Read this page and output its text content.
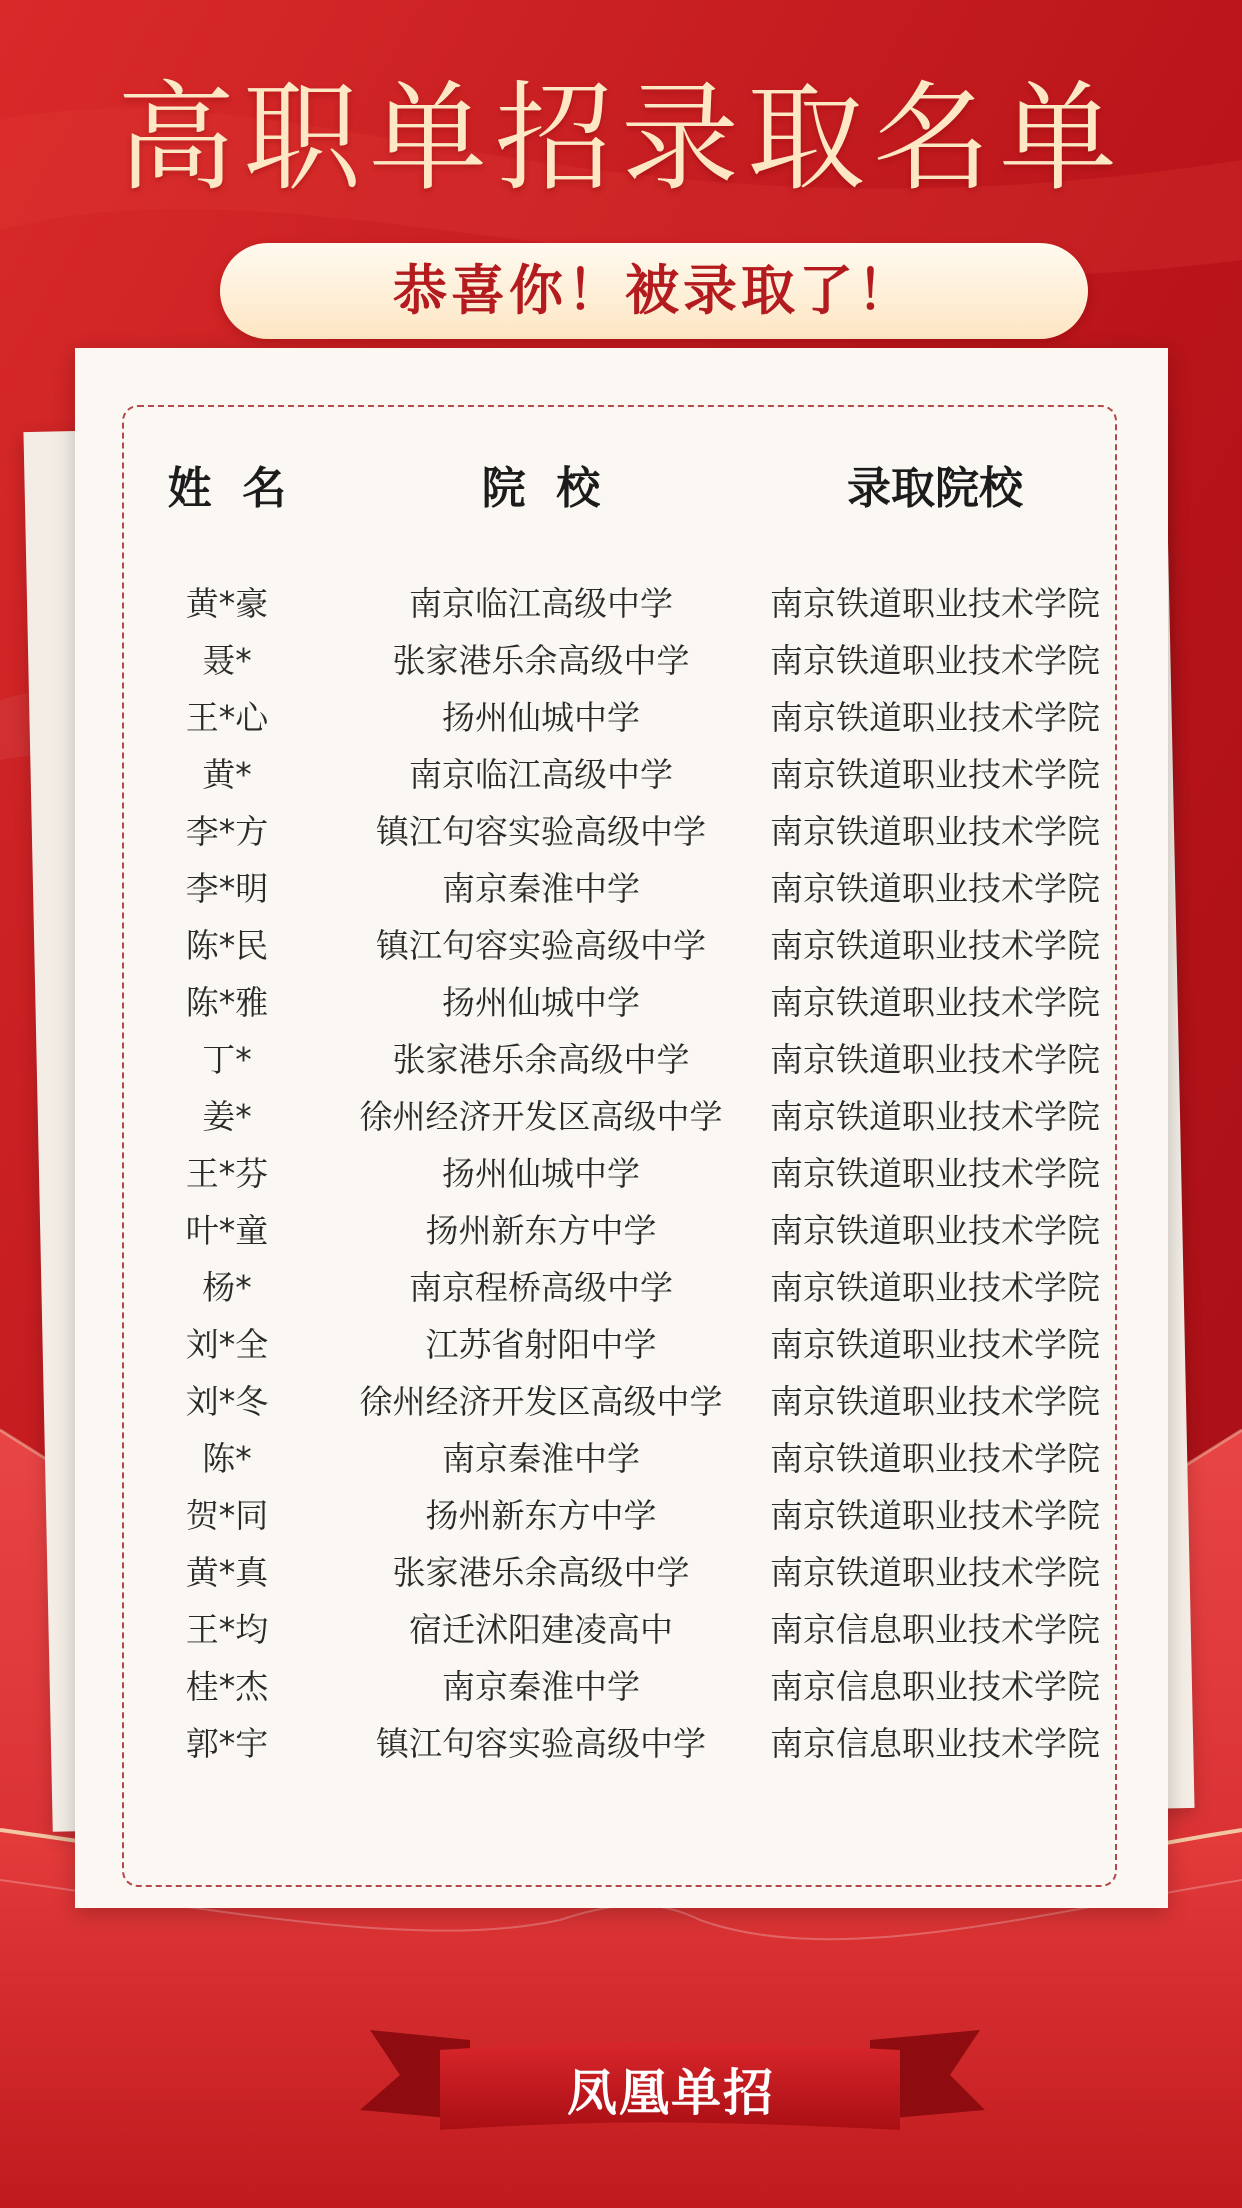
高职单招录取名单
恭喜你！被录取了！
姓  名	院  校	录取院校
黄*豪	南京临江高级中学	南京铁道职业技术学院
聂*	张家港乐余高级中学	南京铁道职业技术学院
王*心	扬州仙城中学	南京铁道职业技术学院
黄*	南京临江高级中学	南京铁道职业技术学院
李*方	镇江句容实验高级中学	南京铁道职业技术学院
李*明	南京秦淮中学	南京铁道职业技术学院
陈*民	镇江句容实验高级中学	南京铁道职业技术学院
陈*雅	扬州仙城中学	南京铁道职业技术学院
丁*	张家港乐余高级中学	南京铁道职业技术学院
姜*	徐州经济开发区高级中学	南京铁道职业技术学院
王*芬	扬州仙城中学	南京铁道职业技术学院
叶*童	扬州新东方中学	南京铁道职业技术学院
杨*	南京程桥高级中学	南京铁道职业技术学院
刘*全	江苏省射阳中学	南京铁道职业技术学院
刘*冬	徐州经济开发区高级中学	南京铁道职业技术学院
陈*	南京秦淮中学	南京铁道职业技术学院
贺*同	扬州新东方中学	南京铁道职业技术学院
黄*真	张家港乐余高级中学	南京铁道职业技术学院
王*均	宿迁沭阳建凌高中	南京信息职业技术学院
桂*杰	南京秦淮中学	南京信息职业技术学院
郭*宇	镇江句容实验高级中学	南京信息职业技术学院
凤凰单招
